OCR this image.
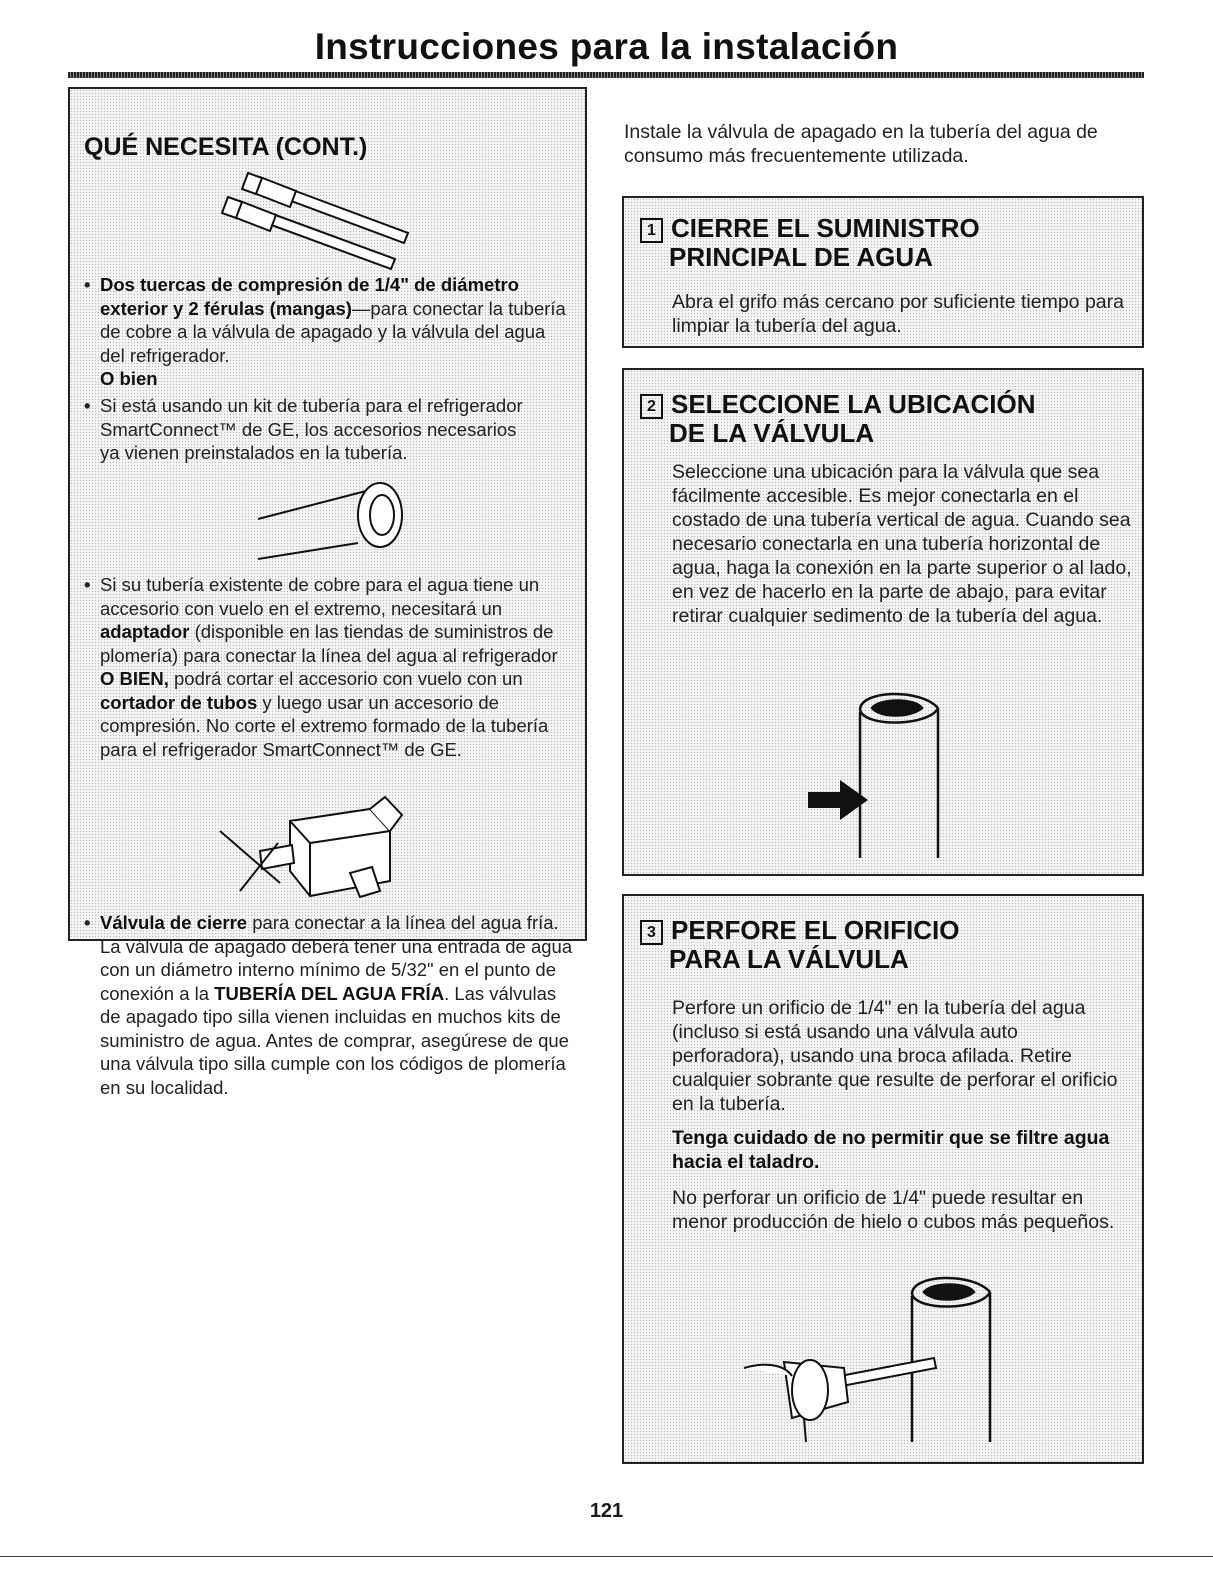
Instrucciones para la instalación
QUÉ NECESITA (CONT.)
• Dos tuercas de compresión de 1/4" de diámetro exterior y 2 férulas (mangas)—para conectar la tubería de cobre a la válvula de apagado y la válvula del agua del refrigerador.
O bien
• Si está usando un kit de tubería para el refrigerador SmartConnect™ de GE, los accesorios necesarios ya vienen preinstalados en la tubería.
• Si su tubería existente de cobre para el agua tiene un accesorio con vuelo en el extremo, necesitará un adaptador (disponible en las tiendas de suministros de plomería) para conectar la línea del agua al refrigerador O BIEN, podrá cortar el accesorio con vuelo con un cortador de tubos y luego usar un accesorio de compresión. No corte el extremo formado de la tubería para el refrigerador SmartConnect™ de GE.
• Válvula de cierre para conectar a la línea del agua fría. La válvula de apagado deberá tener una entrada de agua con un diámetro interno mínimo de 5/32" en el punto de conexión a la TUBERÍA DEL AGUA FRÍA. Las válvulas de apagado tipo silla vienen incluidas en muchos kits de suministro de agua. Antes de comprar, asegúrese de que una válvula tipo silla cumple con los códigos de plomería en su localidad.
Instale la válvula de apagado en la tubería del agua de consumo más frecuentemente utilizada.
1 CIERRE EL SUMINISTRO
PRINCIPAL DE AGUA
Abra el grifo más cercano por suficiente tiempo para limpiar la tubería del agua.
2 SELECCIONE LA UBICACIÓN
DE LA VÁLVULA
Seleccione una ubicación para la válvula que sea fácilmente accesible. Es mejor conectarla en el costado de una tubería vertical de agua. Cuando sea necesario conectarla en una tubería horizontal de agua, haga la conexión en la parte superior o al lado, en vez de hacerlo en la parte de abajo, para evitar retirar cualquier sedimento de la tubería del agua.
3 PERFORE EL ORIFICIO
PARA LA VÁLVULA
Perfore un orificio de 1/4" en la tubería del agua (incluso si está usando una válvula auto perforadora), usando una broca afilada. Retire cualquier sobrante que resulte de perforar el orificio en la tubería.
Tenga cuidado de no permitir que se filtre agua hacia el taladro.
No perforar un orificio de 1/4" puede resultar en menor producción de hielo o cubos más pequeños.
121
